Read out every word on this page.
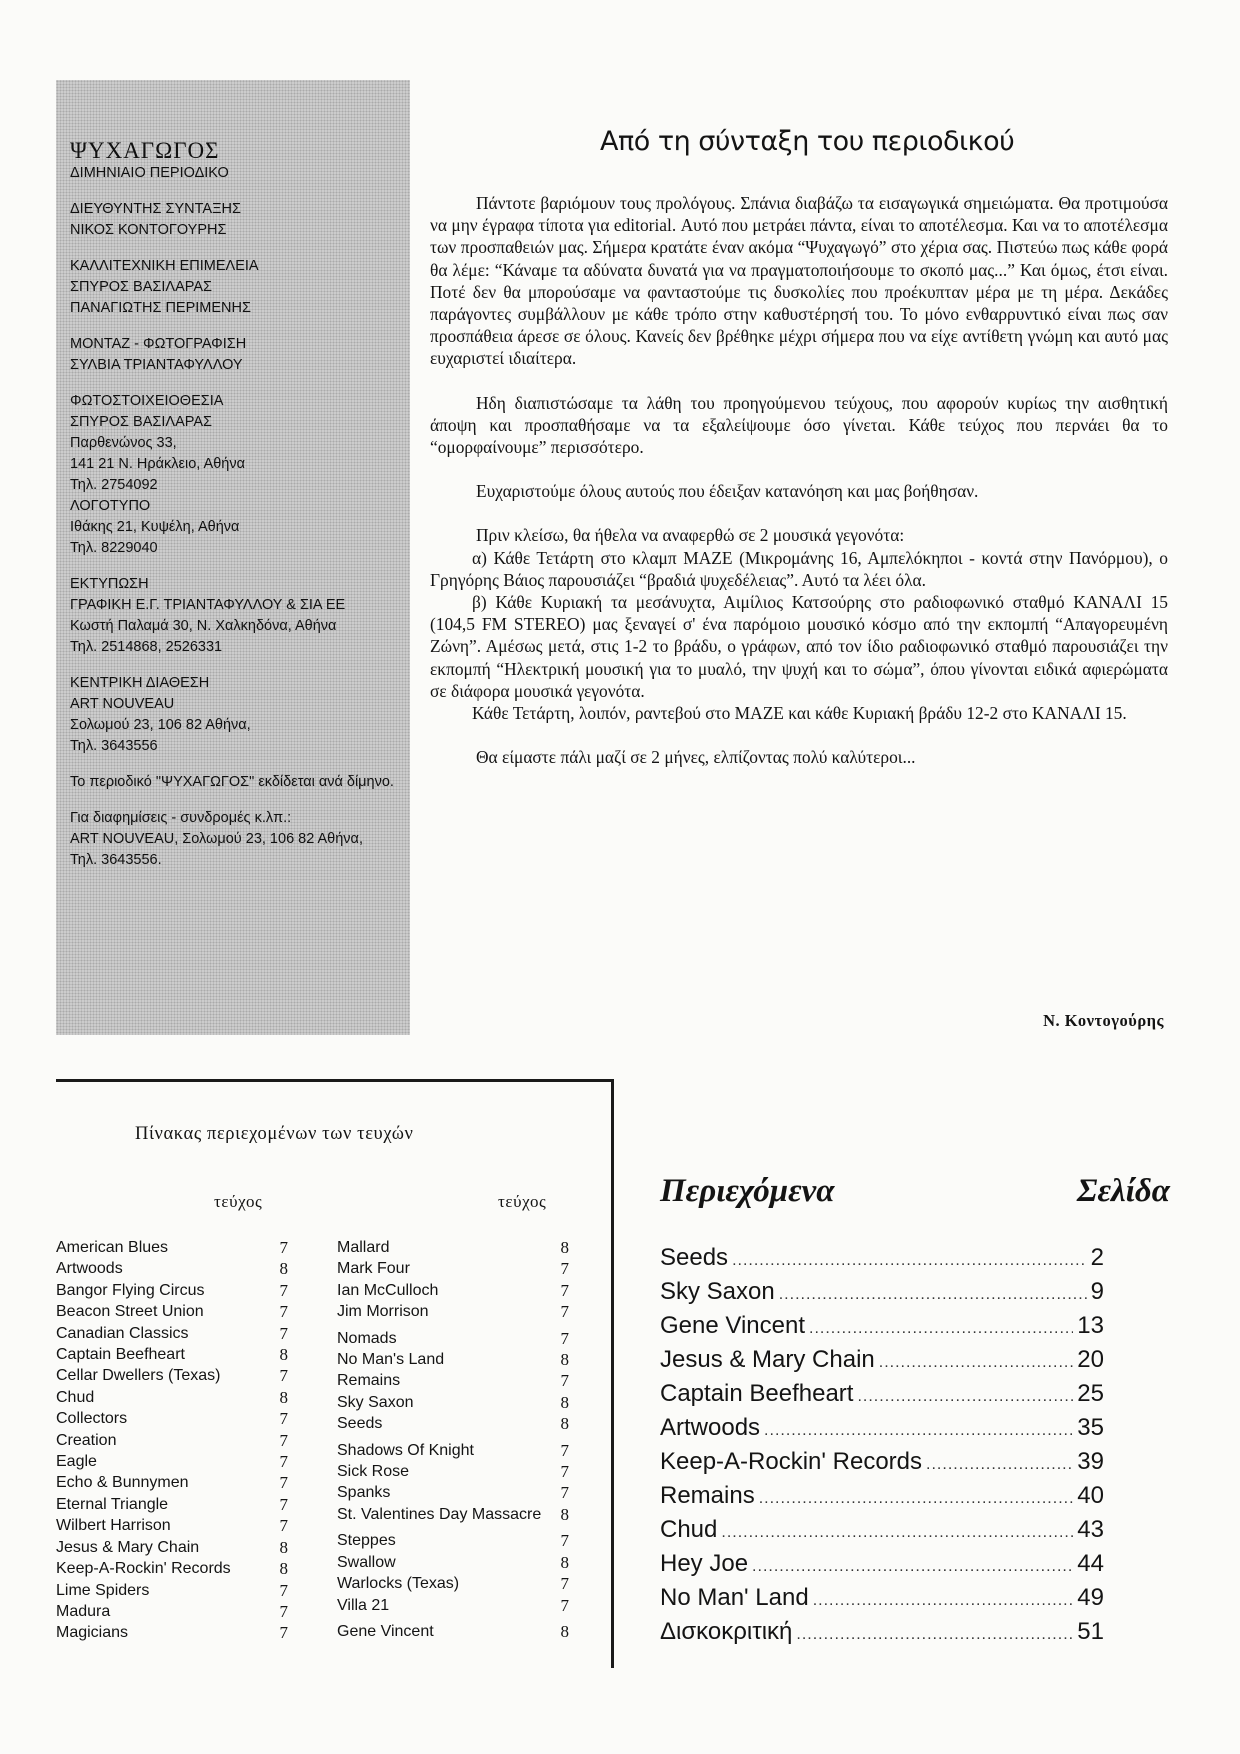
ΨΥΧΑΓΩΓΟΣ
ΔΙΜΗΝΙΑΙΟ ΠΕΡΙΟΔΙΚΟ
ΔΙΕΥΘΥΝΤΗΣ ΣΥΝΤΑΞΗΣ
ΝΙΚΟΣ ΚΟΝΤΟΓΟΥΡΗΣ
ΚΑΛΛΙΤΕΧΝΙΚΗ ΕΠΙΜΕΛΕΙΑ
ΣΠΥΡΟΣ ΒΑΣΙΛΑΡΑΣ
ΠΑΝΑΓΙΩΤΗΣ ΠΕΡΙΜΕΝΗΣ
ΜΟΝΤΑΖ - ΦΩΤΟΓΡΑΦΙΣΗ
ΣΥΛΒΙΑ ΤΡΙΑΝΤΑΦΥΛΛΟΥ
ΦΩΤΟΣΤΟΙΧΕΙΟΘΕΣΙΑ
ΣΠΥΡΟΣ ΒΑΣΙΛΑΡΑΣ
Παρθενώνος 33,
141 21 Ν. Ηράκλειο, Αθήνα
Τηλ. 2754092
ΛΟΓΟΤΥΠΟ
Ιθάκης 21, Κυψέλη, Αθήνα
Τηλ. 8229040
ΕΚΤΥΠΩΣΗ
ΓΡΑΦΙΚΗ Ε.Γ. ΤΡΙΑΝΤΑΦΥΛΛΟΥ & ΣΙΑ ΕΕ
Κωστή Παλαμά 30, Ν. Χαλκηδόνα, Αθήνα
Τηλ. 2514868, 2526331
ΚΕΝΤΡΙΚΗ ΔΙΑΘΕΣΗ
ART NOUVEAU
Σολωμού 23, 106 82 Αθήνα,
Τηλ. 3643556
Το περιοδικό "ΨΥΧΑΓΩΓΟΣ" εκδίδεται ανά δίμηνο.
Για διαφημίσεις - συνδρομές κ.λπ.:
ART NOUVEAU, Σολωμού 23, 106 82 Αθήνα,
Τηλ. 3643556.
Από τη σύνταξη του περιοδικού

Πάντοτε βαριόμουν τους προλόγους. Σπάνια διαβάζω τα εισαγωγικά σημειώματα. Θα προτιμούσα να μην έγραφα τίποτα για editorial. Αυτό που μετράει πάντα, είναι το αποτέλεσμα. Και να το αποτέλεσμα των προσπαθειών μας. Σήμερα κρατάτε έναν ακόμα “Ψυχαγωγό” στο χέρια σας. Πιστεύω πως κάθε φορά θα λέμε: “Κάναμε τα αδύνατα δυνατά για να πραγματοποιήσουμε το σκοπό μας...” Και όμως, έτσι είναι. Ποτέ δεν θα μπορούσαμε να φανταστούμε τις δυσκολίες που προέκυπταν μέρα με τη μέρα. Δεκάδες παράγοντες συμβάλλουν με κάθε τρόπο στην καθυστέρησή του. Το μόνο ενθαρρυντικό είναι πως σαν προσπάθεια άρεσε σε όλους. Κανείς δεν βρέθηκε μέχρι σήμερα που να είχε αντίθετη γνώμη και αυτό μας ευχαριστεί ιδιαίτερα.

Ηδη διαπιστώσαμε τα λάθη του προηγούμενου τεύχους, που αφορούν κυρίως την αισθητική άποψη και προσπαθήσαμε να τα εξαλείψουμε όσο γίνεται. Κάθε τεύχος που περνάει θα το “ομορφαίνουμε” περισσότερο.

Ευχαριστούμε όλους αυτούς που έδειξαν κατανόηση και μας βοήθησαν.

Πριν κλείσω, θα ήθελα να αναφερθώ σε 2 μουσικά γεγονότα:

α) Κάθε Τετάρτη στο κλαμπ MAZE (Μικρομάνης 16, Αμπελόκηποι - κοντά στην Πανόρμου), ο Γρηγόρης Βάιος παρουσιάζει “βραδιά ψυχεδέλειας”. Αυτό τα λέει όλα.

β) Κάθε Κυριακή τα μεσάνυχτα, Αιμίλιος Κατσούρης στο ραδιοφωνικό σταθμό ΚΑΝΑΛΙ 15 (104,5 FM STEREO) μας ξεναγεί σ' ένα παρόμοιο μουσικό κόσμο από την εκπομπή “Απαγορευμένη Ζώνη”. Αμέσως μετά, στις 1-2 το βράδυ, ο γράφων, από τον ίδιο ραδιοφωνικό σταθμό παρουσιάζει την εκπομπή “Ηλεκτρική μουσική για το μυαλό, την ψυχή και το σώμα”, όπου γίνονται ειδικά αφιερώματα σε διάφορα μουσικά γεγονότα.

Κάθε Τετάρτη, λοιπόν, ραντεβού στο MAZE και κάθε Κυριακή βράδυ 12-2 στο ΚΑΝΑΛΙ 15.

Θα είμαστε πάλι μαζί σε 2 μήνες, ελπίζοντας πολύ καλύτεροι...

Ν. Κοντογούρης
Πίνακας περιεχομένων των τευχών
τεύχος	τεύχος
American Blues	7
Artwoods	8
Bangor Flying Circus	7
Beacon Street Union	7
Canadian Classics	7
Captain Beefheart	8
Cellar Dwellers (Texas)	7
Chud	8
Collectors	7
Creation	7
Eagle	7
Echo & Bunnymen	7
Eternal Triangle	7
Wilbert Harrison	7
Jesus & Mary Chain	8
Keep-A-Rockin' Records	8
Lime Spiders	7
Madura	7
Magicians	7
Mallard	8
Mark Four	7
Ian McCulloch	7
Jim Morrison	7
Nomads	7
No Man's Land	8
Remains	7
Sky Saxon	8
Seeds	8
Shadows Of Knight	7
Sick Rose	7
Spanks	7
St. Valentines Day Massacre	8
Steppes	7
Swallow	8
Warlocks (Texas)	7
Villa 21	7
Gene Vincent	8
Περιεχόμενα	Σελίδα
Seeds .....	2
Sky Saxon .....	9
Gene Vincent .....	13
Jesus & Mary Chain .....	20
Captain Beefheart .....	25
Artwoods .....	35
Keep-A-Rockin' Records .....	39
Remains .....	40
Chud .....	43
Hey Joe .....	44
No Man' Land .....	49
Δισκοκριτική .....	51
